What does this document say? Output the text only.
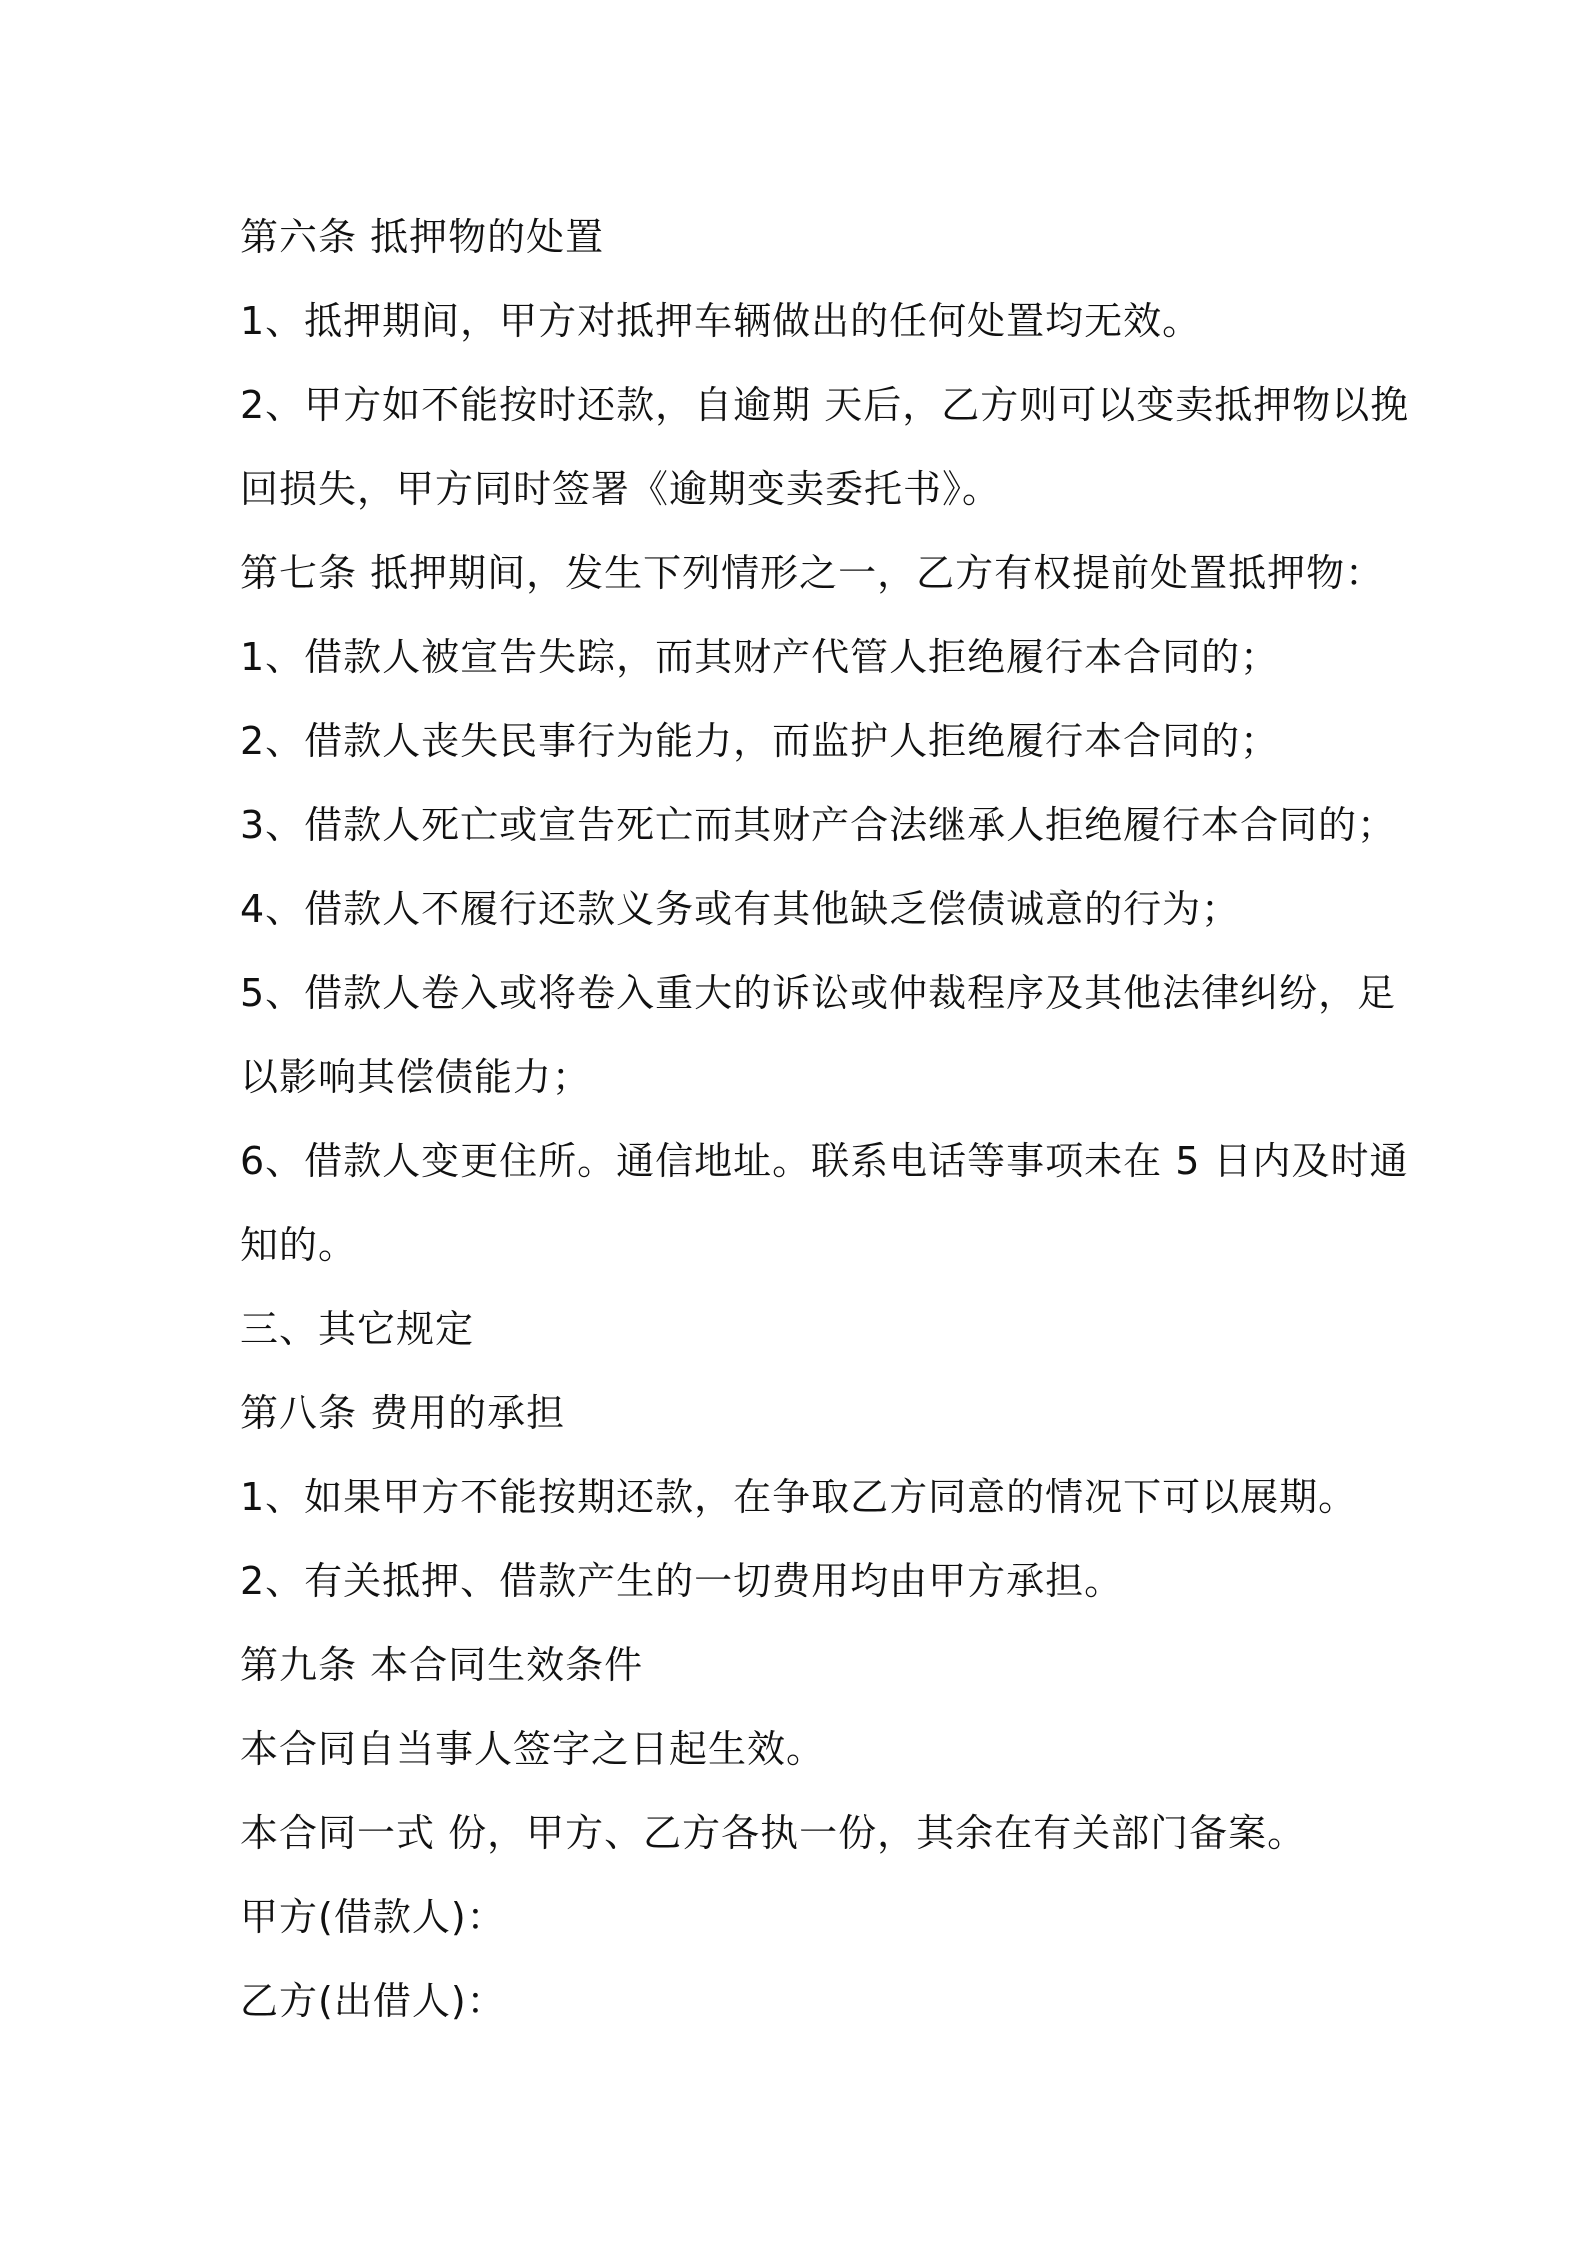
第六条 抵押物的处置
1、抵押期间，甲方对抵押车辆做出的任何处置均无效。
2、甲方如不能按时还款，自逾期 天后，乙方则可以变卖抵押物以挽
回损失，甲方同时签署《逾期变卖委托书》。
第七条 抵押期间，发生下列情形之一，乙方有权提前处置抵押物：
1、借款人被宣告失踪，而其财产代管人拒绝履行本合同的；
2、借款人丧失民事行为能力，而监护人拒绝履行本合同的；
3、借款人死亡或宣告死亡而其财产合法继承人拒绝履行本合同的；
4、借款人不履行还款义务或有其他缺乏偿债诚意的行为；
5、借款人卷入或将卷入重大的诉讼或仲裁程序及其他法律纠纷，足
以影响其偿债能力；
6、借款人变更住所。通信地址。联系电话等事项未在 5 日内及时通
知的。
三、其它规定
第八条 费用的承担
1、如果甲方不能按期还款，在争取乙方同意的情况下可以展期。
2、有关抵押、借款产生的一切费用均由甲方承担。
第九条 本合同生效条件
本合同自当事人签字之日起生效。
本合同一式 份，甲方、乙方各执一份，其余在有关部门备案。
甲方(借款人)：
乙方(出借人)：
